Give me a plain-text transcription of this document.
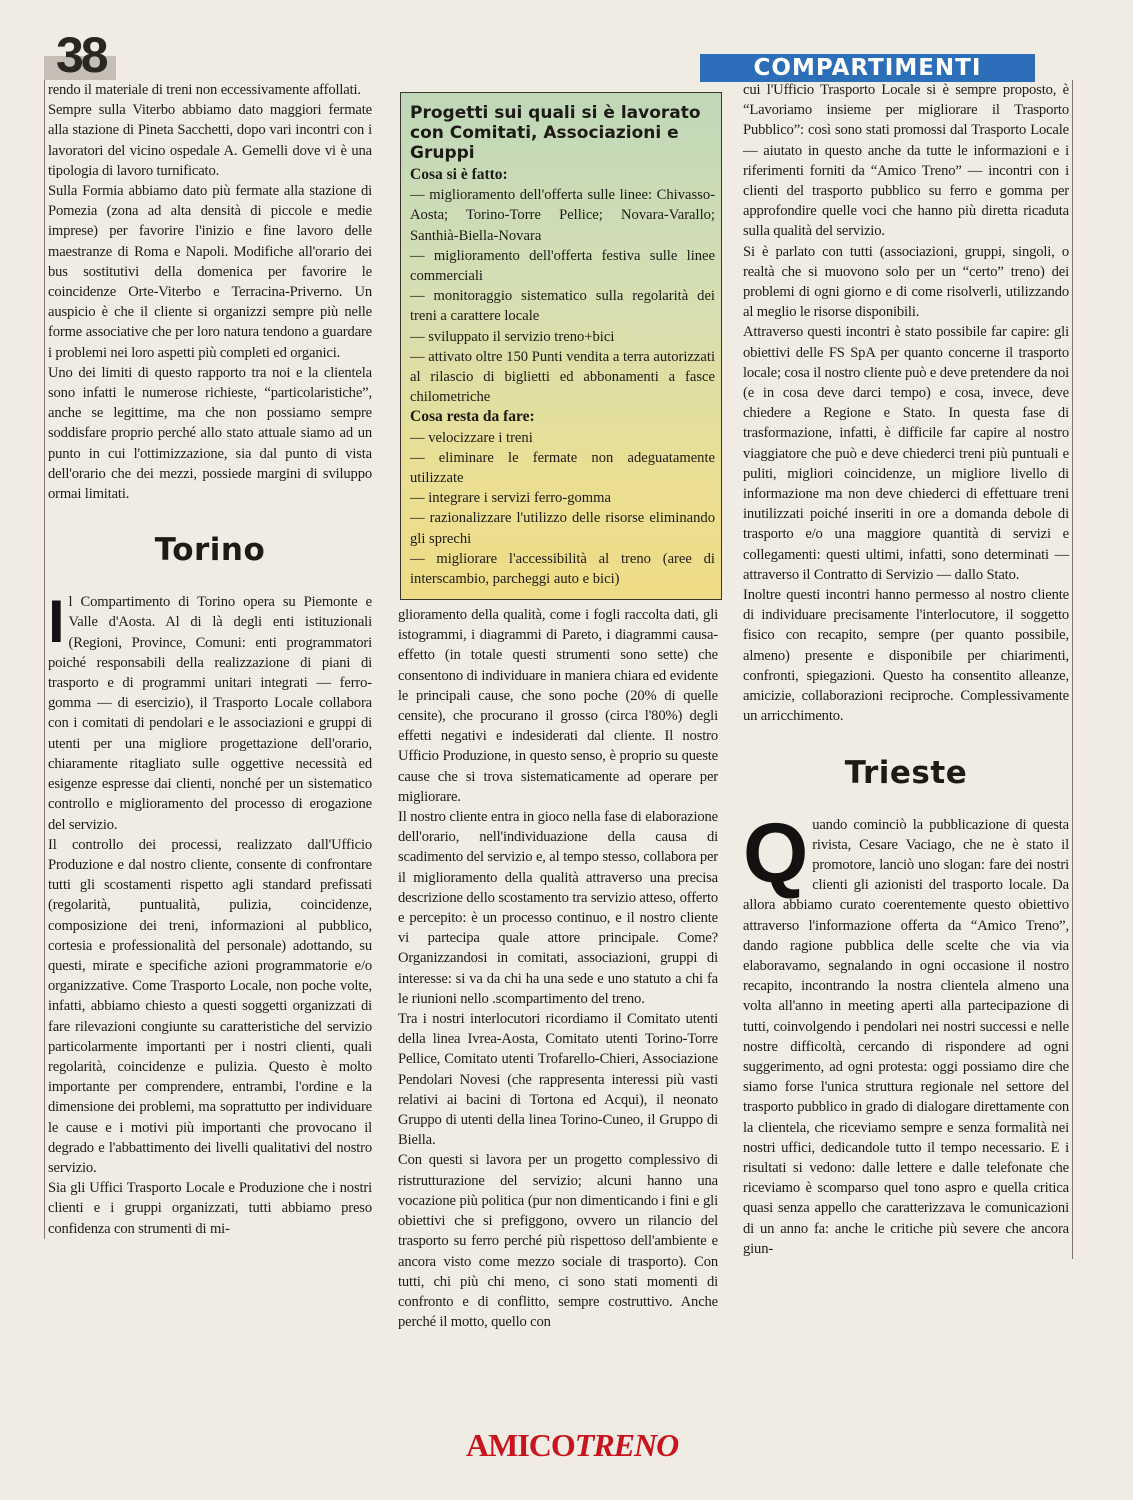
38	COMPARTIMENTI

rendo il materiale di treni non eccessivamente affollati.

Sempre sulla Viterbo abbiamo dato maggiori fermate alla stazione di Pineta Sacchetti, dopo vari incontri con i lavoratori del vicino ospedale A. Gemelli dove vi è una tipologia di lavoro turnificato.

Sulla Formia abbiamo dato più fermate alla stazione di Pomezia (zona ad alta densità di piccole e medie imprese) per favorire l'inizio e fine lavoro delle maestranze di Roma e Napoli. Modifiche all'orario dei bus sostitutivi della domenica per favorire le coincidenze Orte-Viterbo e Terracina-Priverno. Un auspicio è che il cliente si organizzi sempre più nelle forme associative che per loro natura tendono a guardare i problemi nei loro aspetti più completi ed organici.

Uno dei limiti di questo rapporto tra noi e la clientela sono infatti le numerose richieste, “particolaristiche”, anche se legittime, ma che non possiamo sempre soddisfare proprio perché allo stato attuale siamo ad un punto in cui l'ottimizzazione, sia dal punto di vista dell'orario che dei mezzi, possiede margini di sviluppo ormai limitati.

Torino

Il Compartimento di Torino opera su Piemonte e Valle d'Aosta. Al di là degli enti istituzionali (Regioni, Province, Comuni: enti programmatori poiché responsabili della realizzazione di piani di trasporto e di programmi unitari integrati — ferro-gomma — di esercizio), il Trasporto Locale collabora con i comitati di pendolari e le associazioni e gruppi di utenti per una migliore progettazione dell'orario, chiaramente ritagliato sulle oggettive necessità ed esigenze espresse dai clienti, nonché per un sistematico controllo e miglioramento del processo di erogazione del servizio.

Il controllo dei processi, realizzato dall'Ufficio Produzione e dal nostro cliente, consente di confrontare tutti gli scostamenti rispetto agli standard prefissati (regolarità, puntualità, pulizia, coincidenze, composizione dei treni, informazioni al pubblico, cortesia e professionalità del personale) adottando, su questi, mirate e specifiche azioni programmatorie e/o organizzative. Come Trasporto Locale, non poche volte, infatti, abbiamo chiesto a questi soggetti organizzati di fare rilevazioni congiunte su caratteristiche del servizio particolarmente importanti per i nostri clienti, quali regolarità, coincidenze e pulizia. Questo è molto importante per comprendere, entrambi, l'ordine e la dimensione dei problemi, ma soprattutto per individuare le cause e i motivi più importanti che provocano il degrado e l'abbattimento dei livelli qualitativi del nostro servizio.

Sia gli Uffici Trasporto Locale e Produzione che i nostri clienti e i gruppi organizzati, tutti abbiamo preso confidenza con strumenti di mi-

Progetti sui quali si è lavorato con Comitati, Associazioni e Gruppi
Cosa si è fatto:
— miglioramento dell'offerta sulle linee: Chivasso-Aosta; Torino-Torre Pellice; Novara-Varallo; Santhià-Biella-Novara
— miglioramento dell'offerta festiva sulle linee commerciali
— monitoraggio sistematico sulla regolarità dei treni a carattere locale
— sviluppato il servizio treno+bici
— attivato oltre 150 Punti vendita a terra autorizzati al rilascio di biglietti ed abbonamenti a fasce chilometriche
Cosa resta da fare:
— velocizzare i treni
— eliminare le fermate non adeguatamente utilizzate
— integrare i servizi ferro-gomma
— razionalizzare l'utilizzo delle risorse eliminando gli sprechi
— migliorare l'accessibilità al treno (aree di interscambio, parcheggi auto e bici)

glioramento della qualità, come i fogli raccolta dati, gli istogrammi, i diagrammi di Pareto, i diagrammi causa-effetto (in totale questi strumenti sono sette) che consentono di individuare in maniera chiara ed evidente le principali cause, che sono poche (20% di quelle censite), che procurano il grosso (circa l'80%) degli effetti negativi e indesiderati dal cliente. Il nostro Ufficio Produzione, in questo senso, è proprio su queste cause che si trova sistematicamente ad operare per migliorare.

Il nostro cliente entra in gioco nella fase di elaborazione dell'orario, nell'individuazione della causa di scadimento del servizio e, al tempo stesso, collabora per il miglioramento della qualità attraverso una precisa descrizione dello scostamento tra servizio atteso, offerto e percepito: è un processo continuo, e il nostro cliente vi partecipa quale attore principale. Come? Organizzandosi in comitati, associazioni, gruppi di interesse: si va da chi ha una sede e uno statuto a chi fa le riunioni nello .scompartimento del treno.

Tra i nostri interlocutori ricordiamo il Comitato utenti della linea Ivrea-Aosta, Comitato utenti Torino-Torre Pellice, Comitato utenti Trofarello-Chieri, Associazione Pendolari Novesi (che rappresenta interessi più vasti relativi ai bacini di Tortona ed Acqui), il neonato Gruppo di utenti della linea Torino-Cuneo, il Gruppo di Biella.

Con questi si lavora per un progetto complessivo di ristrutturazione del servizio; alcuni hanno una vocazione più politica (pur non dimenticando i fini e gli obiettivi che si prefiggono, ovvero un rilancio del trasporto su ferro perché più rispettoso dell'ambiente e ancora visto come mezzo sociale di trasporto). Con tutti, chi più chi meno, ci sono stati momenti di confronto e di conflitto, sempre costruttivo. Anche perché il motto, quello con

cui l'Ufficio Trasporto Locale si è sempre proposto, è “Lavoriamo insieme per migliorare il Trasporto Pubblico”: così sono stati promossi dal Trasporto Locale — aiutato in questo anche da tutte le informazioni e i riferimenti forniti da “Amico Treno” — incontri con i clienti del trasporto pubblico su ferro e gomma per approfondire quelle voci che hanno più diretta ricaduta sulla qualità del servizio.

Si è parlato con tutti (associazioni, gruppi, singoli, o realtà che si muovono solo per un “certo” treno) dei problemi di ogni giorno e di come risolverli, utilizzando al meglio le risorse disponibili.

Attraverso questi incontri è stato possibile far capire: gli obiettivi delle FS SpA per quanto concerne il trasporto locale; cosa il nostro cliente può e deve pretendere da noi (e in cosa deve darci tempo) e cosa, invece, deve chiedere a Regione e Stato. In questa fase di trasformazione, infatti, è difficile far capire al nostro viaggiatore che può e deve chiederci treni più puntuali e puliti, migliori coincidenze, un migliore livello di informazione ma non deve chiederci di effettuare treni inutilizzati poiché inseriti in ore a domanda debole di trasporto e/o una maggiore quantità di servizi e collegamenti: questi ultimi, infatti, sono determinati — attraverso il Contratto di Servizio — dallo Stato.

Inoltre questi incontri hanno permesso al nostro cliente di individuare precisamente l'interlocutore, il soggetto fisico con recapito, sempre (per quanto possibile, almeno) presente e disponibile per chiarimenti, confronti, spiegazioni. Questo ha consentito alleanze, amicizie, collaborazioni reciproche. Complessivamente un arricchimento.

Trieste

Quando cominciò la pubblicazione di questa rivista, Cesare Vaciago, che ne è stato il promotore, lanciò uno slogan: fare dei nostri clienti gli azionisti del trasporto locale. Da allora abbiamo curato coerentemente questo obiettivo attraverso l'informazione offerta da “Amico Treno”, dando ragione pubblica delle scelte che via via elaboravamo, segnalando in ogni occasione il nostro recapito, incontrando la nostra clientela almeno una volta all'anno in meeting aperti alla partecipazione di tutti, coinvolgendo i pendolari nei nostri successi e nelle nostre difficoltà, cercando di rispondere ad ogni suggerimento, ad ogni protesta: oggi possiamo dire che siamo forse l'unica struttura regionale nel settore del trasporto pubblico in grado di dialogare direttamente con la clientela, che riceviamo sempre e senza formalità nei nostri uffici, dedicandole tutto il tempo necessario. E i risultati si vedono: dalle lettere e dalle telefonate che riceviamo è scomparso quel tono aspro e quella critica quasi senza appello che caratterizzava le comunicazioni di un anno fa: anche le critiche più severe che ancora giun-

AMICOTRENO
